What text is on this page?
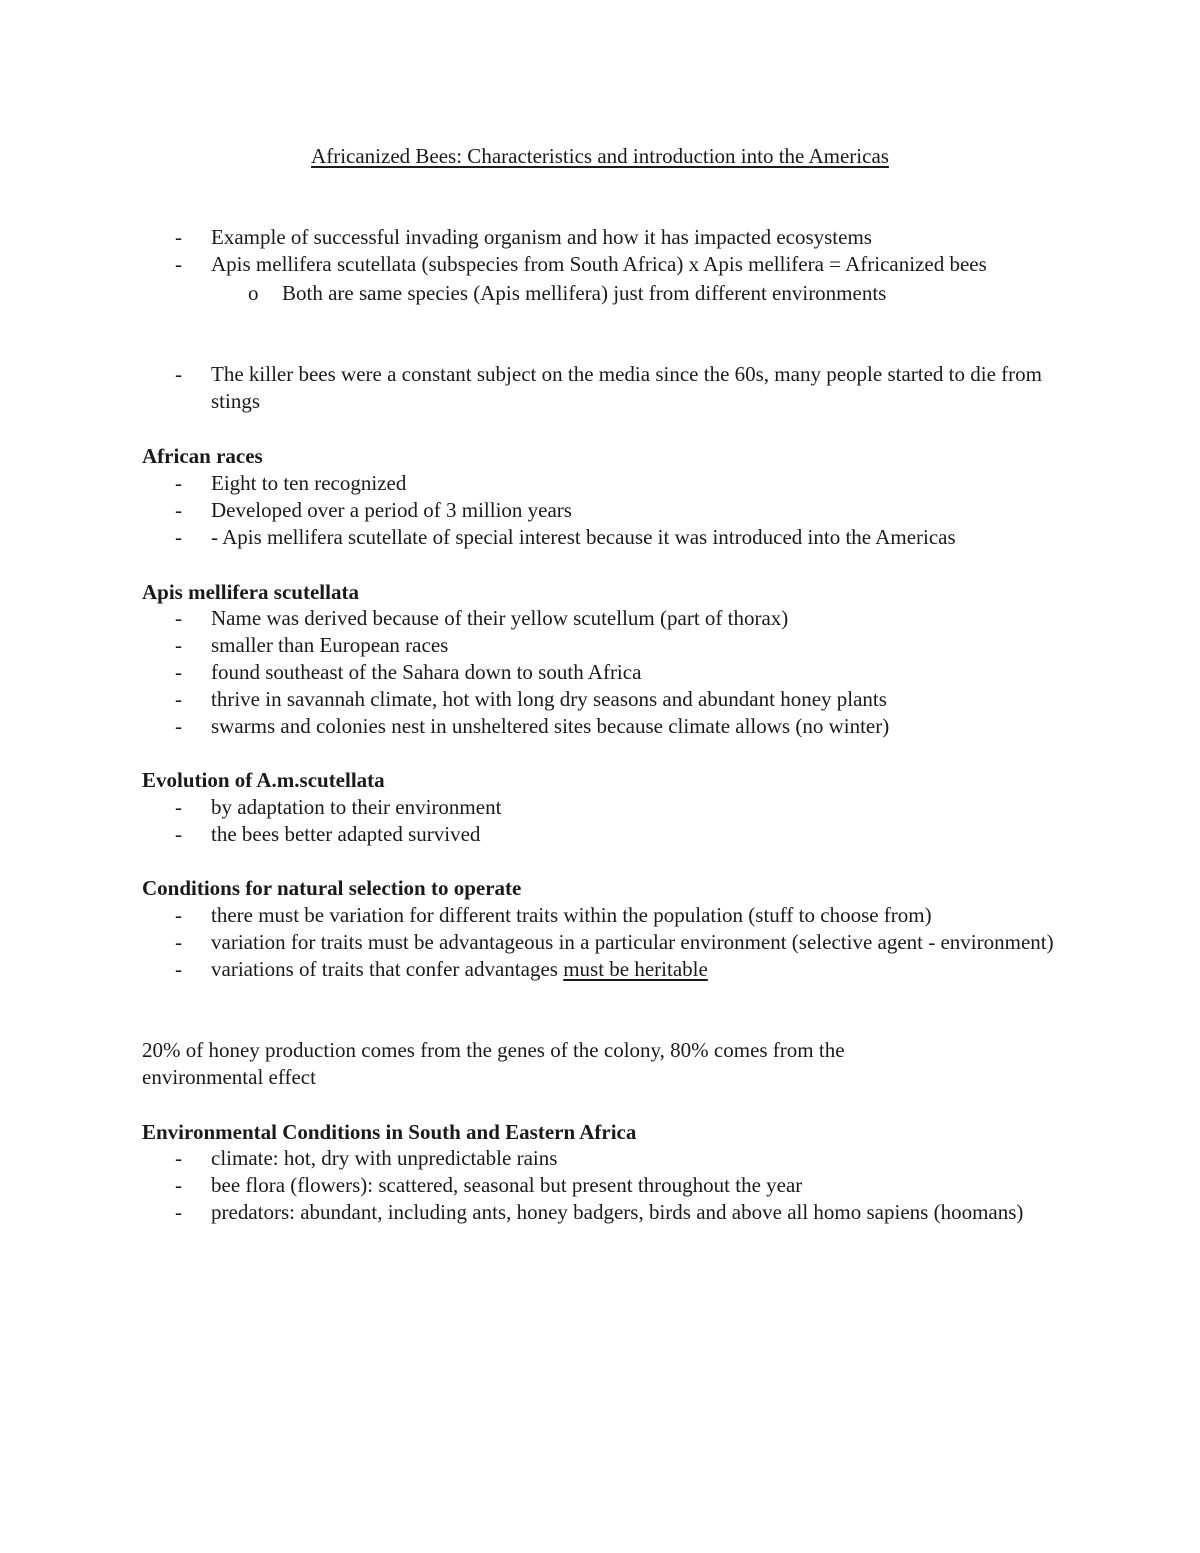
Africanized Bees: Characteristics and introduction into the Americas
- Example of successful invading organism and how it has impacted ecosystems
- Apis mellifera scutellata (subspecies from South Africa) x Apis mellifera = Africanized bees
o Both are same species (Apis mellifera) just from different environments
- The killer bees were a constant subject on the media since the 60s, many people started to die from stings
African races
- Eight to ten recognized
- Developed over a period of 3 million years
- - Apis mellifera scutellate of special interest because it was introduced into the Americas
Apis mellifera scutellata
- Name was derived because of their yellow scutellum (part of thorax)
- smaller than European races
- found southeast of the Sahara down to south Africa
- thrive in savannah climate, hot with long dry seasons and abundant honey plants
- swarms and colonies nest in unsheltered sites because climate allows (no winter)
Evolution of A.m.scutellata
- by adaptation to their environment
- the bees better adapted survived
Conditions for natural selection to operate
- there must be variation for different traits within the population (stuff to choose from)
- variation for traits must be advantageous in a particular environment (selective agent - environment)
- variations of traits that confer advantages must be heritable
20% of honey production comes from the genes of the colony, 80% comes from the environmental effect
Environmental Conditions in South and Eastern Africa
- climate: hot, dry with unpredictable rains
- bee flora (flowers): scattered, seasonal but present throughout the year
- predators: abundant, including ants, honey badgers, birds and above all homo sapiens (hoomans)
